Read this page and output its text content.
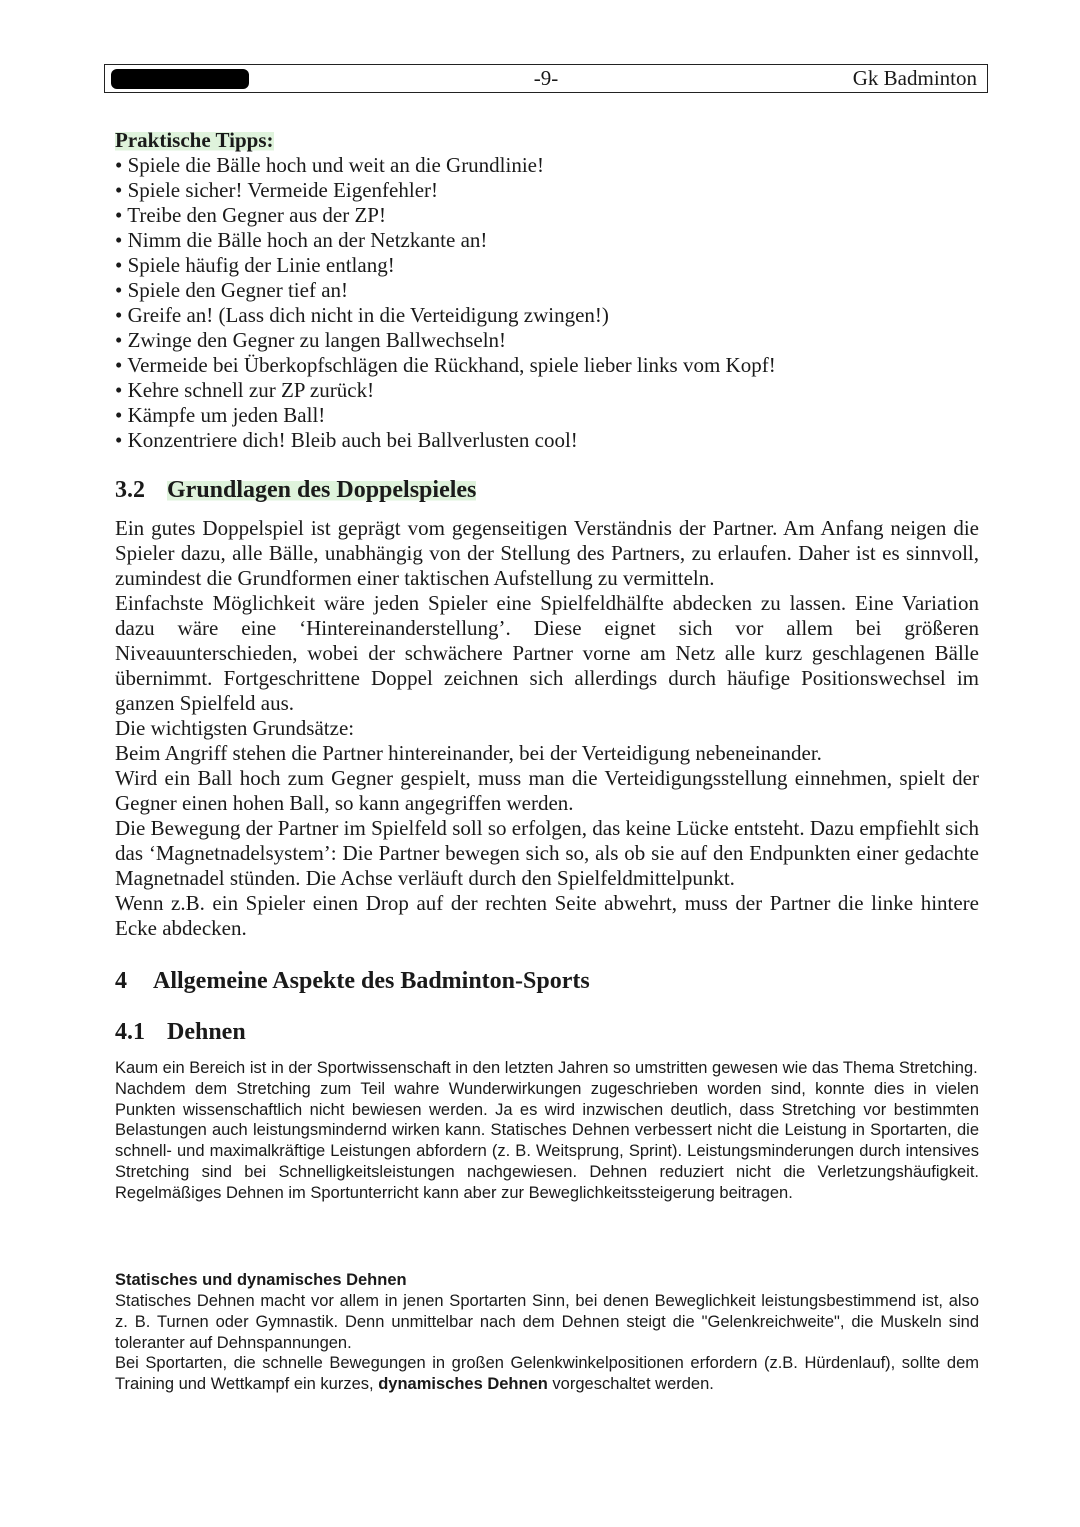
-9-	Gk Badminton
Praktische Tipps:
• Spiele die Bälle hoch und weit an die Grundlinie!
• Spiele sicher! Vermeide Eigenfehler!
• Treibe den Gegner aus der ZP!
• Nimm die Bälle hoch an der Netzkante an!
• Spiele häufig der Linie entlang!
• Spiele den Gegner tief an!
• Greife an! (Lass dich nicht in die Verteidigung zwingen!)
• Zwinge den Gegner zu langen Ballwechseln!
• Vermeide bei Überkopfschlägen die Rückhand, spiele lieber links vom Kopf!
• Kehre schnell zur ZP zurück!
• Kämpfe um jeden Ball!
• Konzentriere dich! Bleib auch bei Ballverlusten cool!
3.2 Grundlagen des Doppelspieles

Ein gutes Doppelspiel ist geprägt vom gegenseitigen Verständnis der Partner. Am Anfang neigen die Spieler dazu, alle Bälle, unabhängig von der Stellung des Partners, zu erlaufen. Daher ist es sinnvoll, zumindest die Grundformen einer taktischen Aufstellung zu vermitteln.

Einfachste Möglichkeit wäre jeden Spieler eine Spielfeldhälfte abdecken zu lassen. Eine Variation dazu wäre eine ‘Hintereinanderstellung’. Diese eignet sich vor allem bei größeren Niveauunterschieden, wobei der schwächere Partner vorne am Netz alle kurz geschlagenen Bälle übernimmt. Fortgeschrittene Doppel zeichnen sich allerdings durch häufige Positionswechsel im ganzen Spielfeld aus.

Die wichtigsten Grundsätze:

Beim Angriff stehen die Partner hintereinander, bei der Verteidigung nebeneinander.

Wird ein Ball hoch zum Gegner gespielt, muss man die Verteidigungsstellung einnehmen, spielt der Gegner einen hohen Ball, so kann angegriffen werden.

Die Bewegung der Partner im Spielfeld soll so erfolgen, das keine Lücke entsteht. Dazu empfiehlt sich das ‘Magnetnadelsystem’: Die Partner bewegen sich so, als ob sie auf den Endpunkten einer gedachte Magnetnadel stünden. Die Achse verläuft durch den Spielfeldmittelpunkt.

Wenn z.B. ein Spieler einen Drop auf der rechten Seite abwehrt, muss der Partner die linke hintere Ecke abdecken.

4 Allgemeine Aspekte des Badminton-Sports
4.1 Dehnen

Kaum ein Bereich ist in der Sportwissenschaft in den letzten Jahren so umstritten gewesen wie das Thema Stretching.

Nachdem dem Stretching zum Teil wahre Wunderwirkungen zugeschrieben worden sind, konnte dies in vielen Punkten wissenschaftlich nicht bewiesen werden. Ja es wird inzwischen deutlich, dass Stretching vor bestimmten Belastungen auch leistungsmindernd wirken kann. Statisches Dehnen verbessert nicht die Leistung in Sportarten, die schnell- und maximalkräftige Leistungen abfordern (z. B. Weitsprung, Sprint). Leistungsminderungen durch intensives Stretching sind bei Schnelligkeitsleistungen nachgewiesen. Dehnen reduziert nicht die Verletzungshäufigkeit. Regelmäßiges Dehnen im Sportunterricht kann aber zur Beweglichkeitssteigerung beitragen.

Statisches und dynamisches Dehnen

Statisches Dehnen macht vor allem in jenen Sportarten Sinn, bei denen Beweglichkeit leistungsbestimmend ist, also z. B. Turnen oder Gymnastik. Denn unmittelbar nach dem Dehnen steigt die "Gelenkreichweite", die Muskeln sind toleranter auf Dehnspannungen.

Bei Sportarten, die schnelle Bewegungen in großen Gelenkwinkelpositionen erfordern (z.B. Hürdenlauf), sollte dem Training und Wettkampf ein kurzes, dynamisches Dehnen vorgeschaltet werden.
